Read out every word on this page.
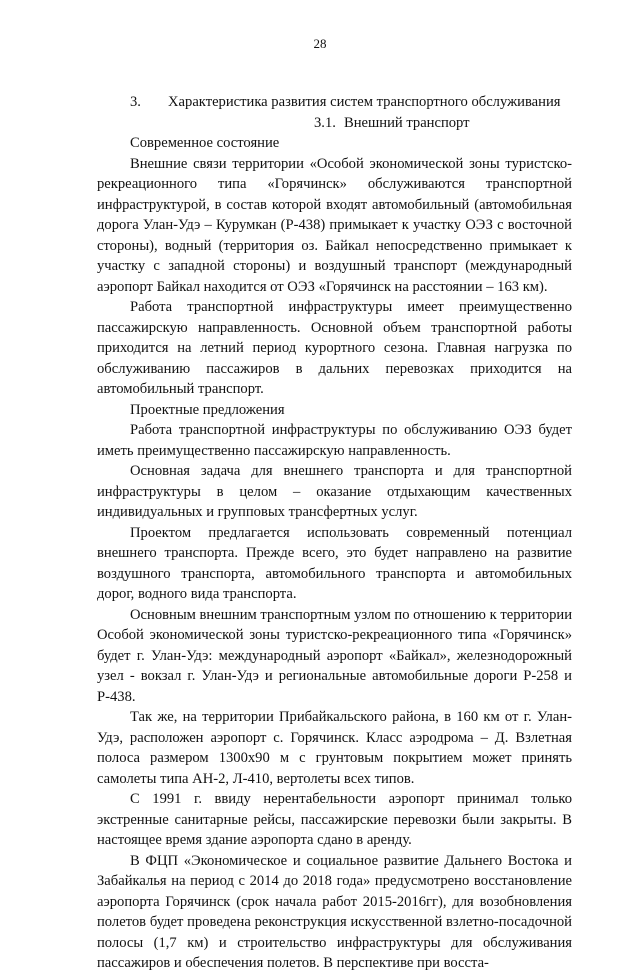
28
3. Характеристика развития систем транспортного обслуживания
3.1. Внешний транспорт
Современное состояние

Внешние связи территории «Особой экономической зоны туристско-рекреационного типа «Горячинск» обслуживаются транспортной инфраструктурой, в состав которой входят автомобильный (автомобильная дорога Улан-Удэ – Курумкан (Р-438) примыкает к участку ОЭЗ с восточной стороны), водный (территория оз. Байкал непосредственно примыкает к участку с западной стороны) и воздушный транспорт (международный аэропорт Байкал находится от ОЭЗ «Горячинск на расстоянии – 163 км).

Работа транспортной инфраструктуры имеет преимущественно пассажирскую направленность. Основной объем транспортной работы приходится на летний период курортного сезона. Главная нагрузка по обслуживанию пассажиров в дальних перевозках приходится на автомобильный транспорт.

Проектные предложения

Работа транспортной инфраструктуры по обслуживанию ОЭЗ будет иметь преимущественно пассажирскую направленность.

Основная задача для внешнего транспорта и для транспортной инфраструктуры в целом – оказание отдыхающим качественных индивидуальных и групповых трансфертных услуг.

Проектом предлагается использовать современный потенциал внешнего транспорта. Прежде всего, это будет направлено на развитие воздушного транспорта, автомобильного транспорта и автомобильных дорог, водного вида транспорта.

Основным внешним транспортным узлом по отношению к территории Особой экономической зоны туристско-рекреационного типа «Горячинск» будет г. Улан-Удэ: международный аэропорт «Байкал», железнодорожный узел - вокзал г. Улан-Удэ и региональные автомобильные дороги Р-258 и Р-438.

Так же, на территории Прибайкальского района, в 160 км от г. Улан-Удэ, расположен аэропорт с. Горячинск. Класс аэродрома – Д. Взлетная полоса размером 1300х90 м с грунтовым покрытием может принять самолеты типа АН-2, Л-410, вертолеты всех типов.

С 1991 г. ввиду нерентабельности аэропорт принимал только экстренные санитарные рейсы, пассажирские перевозки были закрыты. В настоящее время здание аэропорта сдано в аренду.

В ФЦП «Экономическое и социальное развитие Дальнего Востока и Забайкалья на период с 2014 до 2018 года» предусмотрено восстановление аэропорта Горячинск (срок начала работ 2015-2016гг), для возобновления полетов будет проведена реконструкция искусственной взлетно-посадочной полосы (1,7 км) и строительство инфраструктуры для обслуживания пассажиров и обеспечения полетов. В перспективе при восста-
